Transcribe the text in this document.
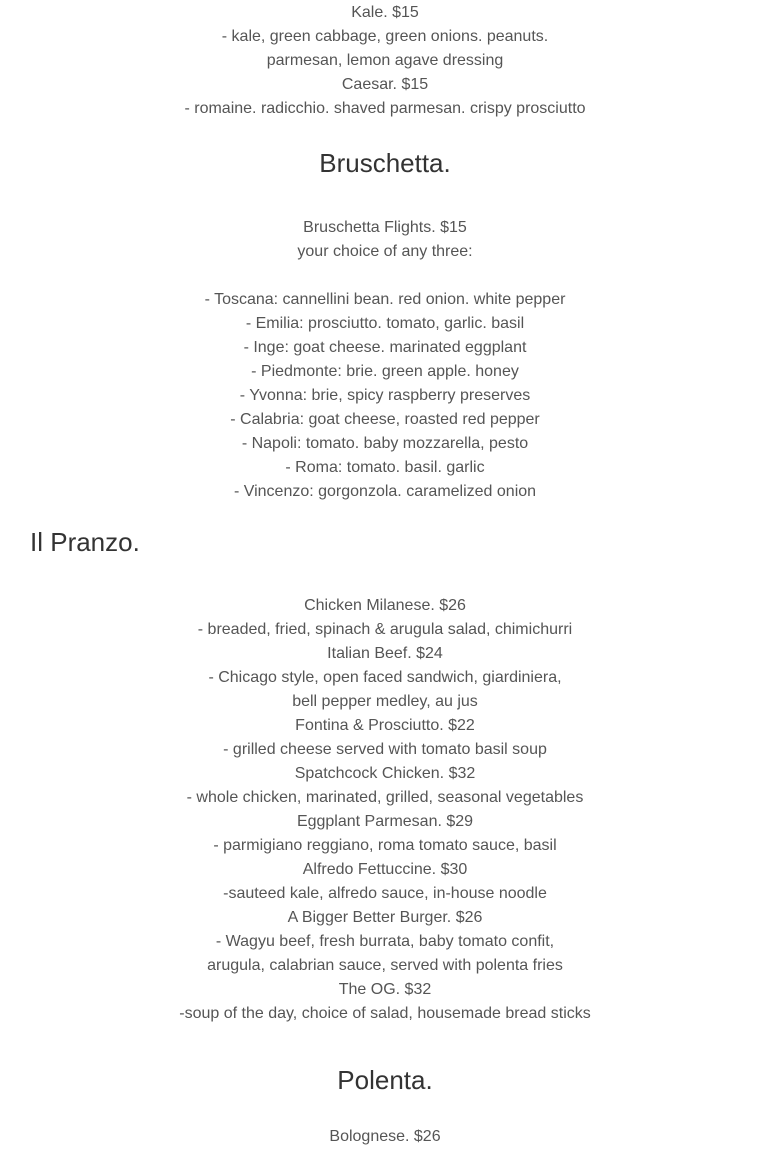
Kale. $15
- kale, green cabbage, green onions. peanuts.
parmesan, lemon agave dressing
Caesar. $15
- romaine. radicchio. shaved parmesan. crispy prosciutto
Bruschetta.
Bruschetta Flights. $15
your choice of any three:
- Toscana: cannellini bean. red onion. white pepper
- Emilia: prosciutto. tomato, garlic. basil
- Inge: goat cheese. marinated eggplant
- Piedmonte: brie. green apple. honey
- Yvonna: brie, spicy raspberry preserves
- Calabria: goat cheese, roasted red pepper
- Napoli: tomato. baby mozzarella, pesto
- Roma: tomato. basil. garlic
- Vincenzo: gorgonzola. caramelized onion
Il Pranzo.
Chicken Milanese. $26
- breaded, fried, spinach & arugula salad, chimichurri
Italian Beef. $24
- Chicago style, open faced sandwich, giardiniera,
bell pepper medley, au jus
Fontina & Prosciutto. $22
- grilled cheese served with tomato basil soup
Spatchcock Chicken. $32
- whole chicken, marinated, grilled, seasonal vegetables
Eggplant Parmesan. $29
- parmigiano reggiano, roma tomato sauce, basil
Alfredo Fettuccine. $30
-sauteed kale, alfredo sauce, in-house noodle
A Bigger Better Burger. $26
- Wagyu beef, fresh burrata, baby tomato confit,
arugula, calabrian sauce, served with polenta fries
The OG. $32
-soup of the day, choice of salad, housemade bread sticks
Polenta.
Bolognese. $26
